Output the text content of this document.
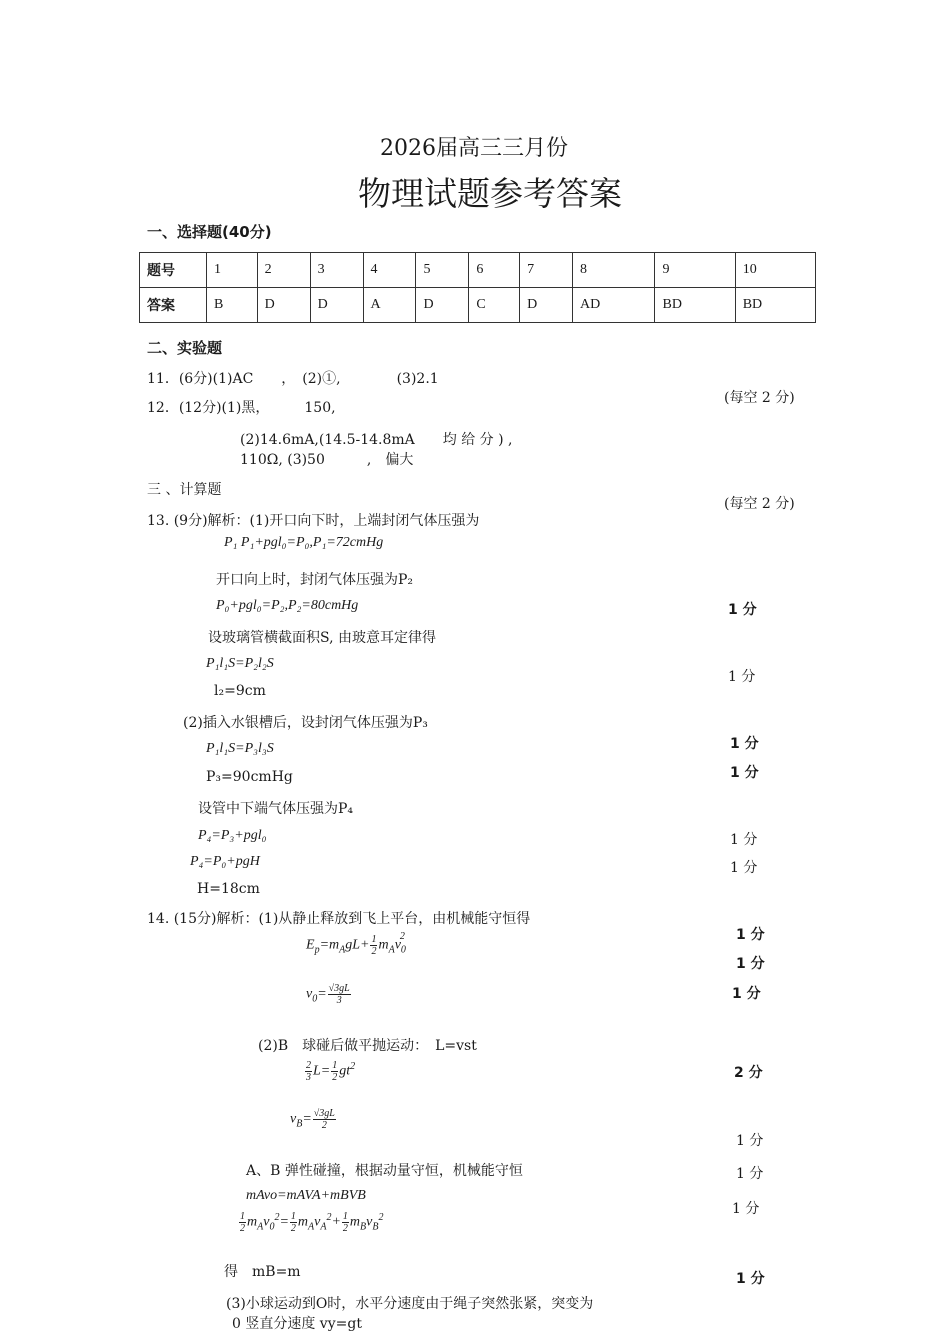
2026届高三三月份
物理试题参考答案
一、选择题(40分)
题号	1	2	3	4	5	6	7	8	9	10
答案	B	D	D	A	D	C	D	AD	BD	BD
二、实验题
11．(6分)(1)AC　　，　(2)①,　　　　(3)2.1
12．(12分)(1)黑，　　　150,
(每空 2 分)
(2)14.6mA,(14.5-14.8mA　　均 给 分 ) ,
110Ω, (3)50　　　,　偏大
三 、计算题
(每空 2 分)
13. (9分)解析：(1)开口向下时，上端封闭气体压强为
P₁ P₁+pgl₀=P₀,P₁=72cmHg
开口向上时，封闭气体压强为P₂
P₀+pgl₀=P₂,P₂=80cmHg
设玻璃管横截面积S, 由玻意耳定律得
P₁l₁S=P₂l₂S
l₂=9cm
(2)插入水银槽后，设封闭气体压强为P₃
P₁l₁S=P₃l₃S
P₃=90cmHg
设管中下端气体压强为P₄
P₄=P₃+pgl₀
P₄=P₀+pgH
H=18cm
1 分
1 分
1 分
1 分
1 分
1 分
14. (15分)解析：(1)从静止释放到飞上平台，由机械能守恒得
$E_p=m_AgL+ \frac{1}{2} m_Av_0^2$
$v_0= \frac{√3gL}{3}$
(2)B　球碰后做平抛运动：　L=vst
$\frac{2}{3} L= \frac{1}{2} gt^2$
$v_B= \frac{√3gL}{2}$
A、B 弹性碰撞，根据动量守恒，机械能守恒
mAvo=mAVA+mBVB
$\frac{1}{2} m_Av_0^2= \frac{1}{2} m_Av_A^2+ \frac{1}{2} m_Bv_B^2$
得　mB=m
(3)小球运动到O时，水平分速度由于绳子突然张紧，突变为
0 竖直分速度 vy=gt
1 分
1 分
1 分
2 分
1 分
1 分
1 分
1 分
